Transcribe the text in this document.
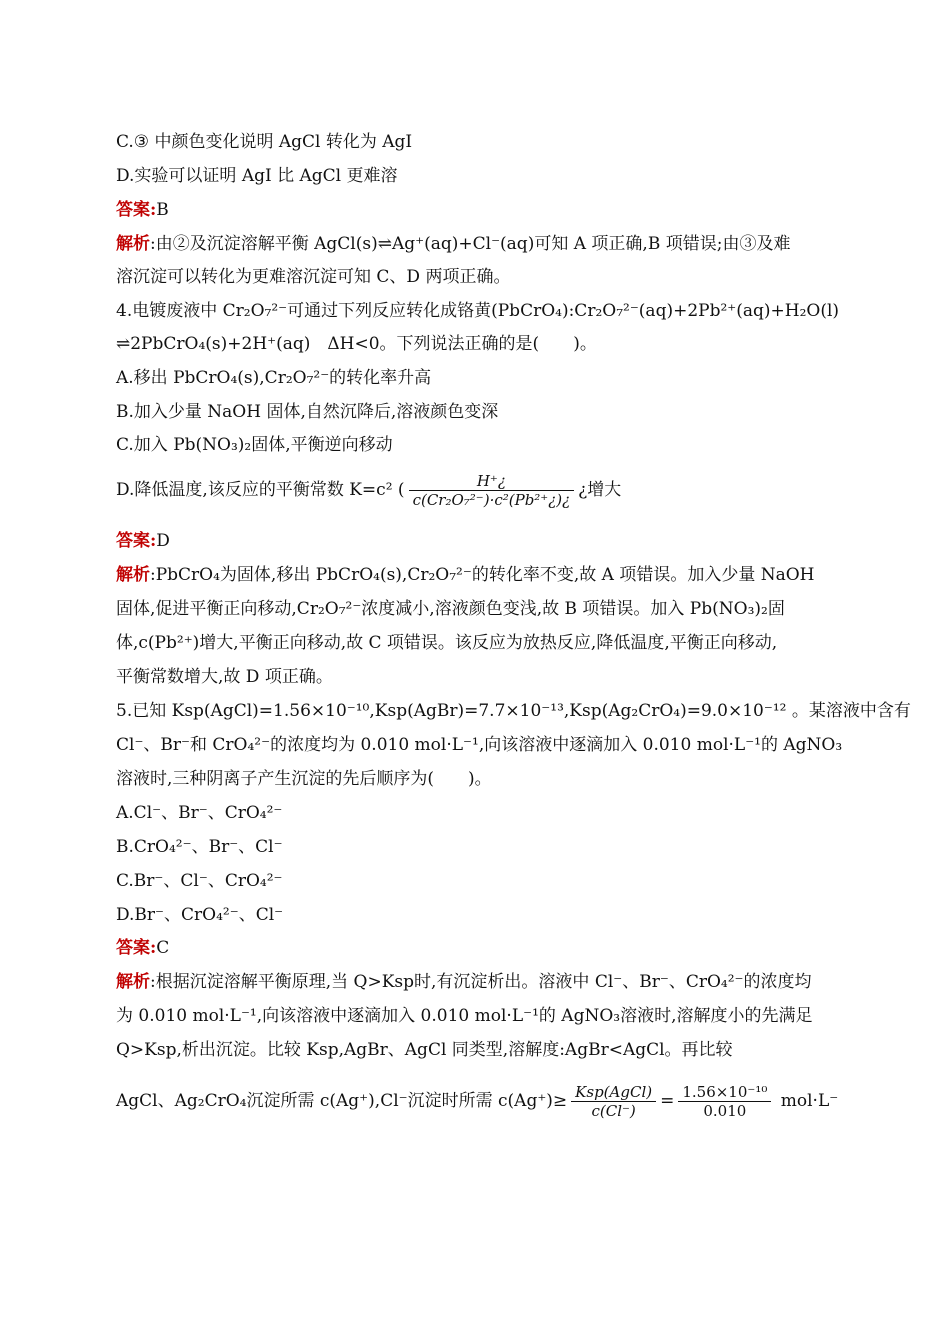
C.③ 中颜色变化说明 AgCl 转化为 AgI
D.实验可以证明 AgI 比 AgCl 更难溶
答案:B
解析:由②及沉淀溶解平衡 AgCl(s)⇌Ag⁺(aq)+Cl⁻(aq)可知 A 项正确,B 项错误;由③及难
溶沉淀可以转化为更难溶沉淀可知 C、D 两项正确。
4.电镀废液中 Cr₂O₇²⁻可通过下列反应转化成铬黄(PbCrO₄):Cr₂O₇²⁻(aq)+2Pb²⁺(aq)+H₂O(l)
⇌2PbCrO₄(s)+2H⁺(aq)　ΔH<0。下列说法正确的是(　　)。
A.移出 PbCrO₄(s),Cr₂O₇²⁻的转化率升高
B.加入少量 NaOH 固体,自然沉降后,溶液颜色变深
C.加入 Pb(NO₃)₂固体,平衡逆向移动
D.降低温度,该反应的平衡常数 K=c² ( $\frac{H^+¿}{\text{c(Cr₂O₇²⁻)·c²(Pb²⁺¿)¿}}$ ¿增大
答案:D
解析:PbCrO₄为固体,移出 PbCrO₄(s),Cr₂O₇²⁻的转化率不变,故 A 项错误。加入少量 NaOH
固体,促进平衡正向移动,Cr₂O₇²⁻浓度减小,溶液颜色变浅,故 B 项错误。加入 Pb(NO₃)₂固
体,c(Pb²⁺)增大,平衡正向移动,故 C 项错误。该反应为放热反应,降低温度,平衡正向移动,
平衡常数增大,故 D 项正确。
5.已知 Ksp(AgCl)=1.56×10⁻¹⁰,Ksp(AgBr)=7.7×10⁻¹³,Ksp(Ag₂CrO₄)=9.0×10⁻¹² 。某溶液中含有
Cl⁻、Br⁻和 CrO₄²⁻的浓度均为 0.010 mol·L⁻¹,向该溶液中逐滴加入 0.010 mol·L⁻¹的 AgNO₃
溶液时,三种阴离子产生沉淀的先后顺序为(　　)。
A.Cl⁻、Br⁻、CrO₄²⁻
B.CrO₄²⁻、Br⁻、Cl⁻
C.Br⁻、Cl⁻、CrO₄²⁻
D.Br⁻、CrO₄²⁻、Cl⁻
答案:C
解析:根据沉淀溶解平衡原理,当 Q>Ksp时,有沉淀析出。溶液中 Cl⁻、Br⁻、CrO₄²⁻的浓度均
为 0.010 mol·L⁻¹,向该溶液中逐滴加入 0.010 mol·L⁻¹的 AgNO₃溶液时,溶解度小的先满足
Q>Ksp,析出沉淀。比较 Ksp,AgBr、AgCl 同类型,溶解度:AgBr<AgCl。再比较
AgCl、Ag₂CrO₄沉淀所需 c(Ag⁺),Cl⁻沉淀时所需 $c(Ag^+)\ge \frac{\text{Ksp(AgCl)}}{c(Cl^-)} = \frac{\text{1.56×10⁻¹⁰}}{0.010} mol\cdot L^-$
